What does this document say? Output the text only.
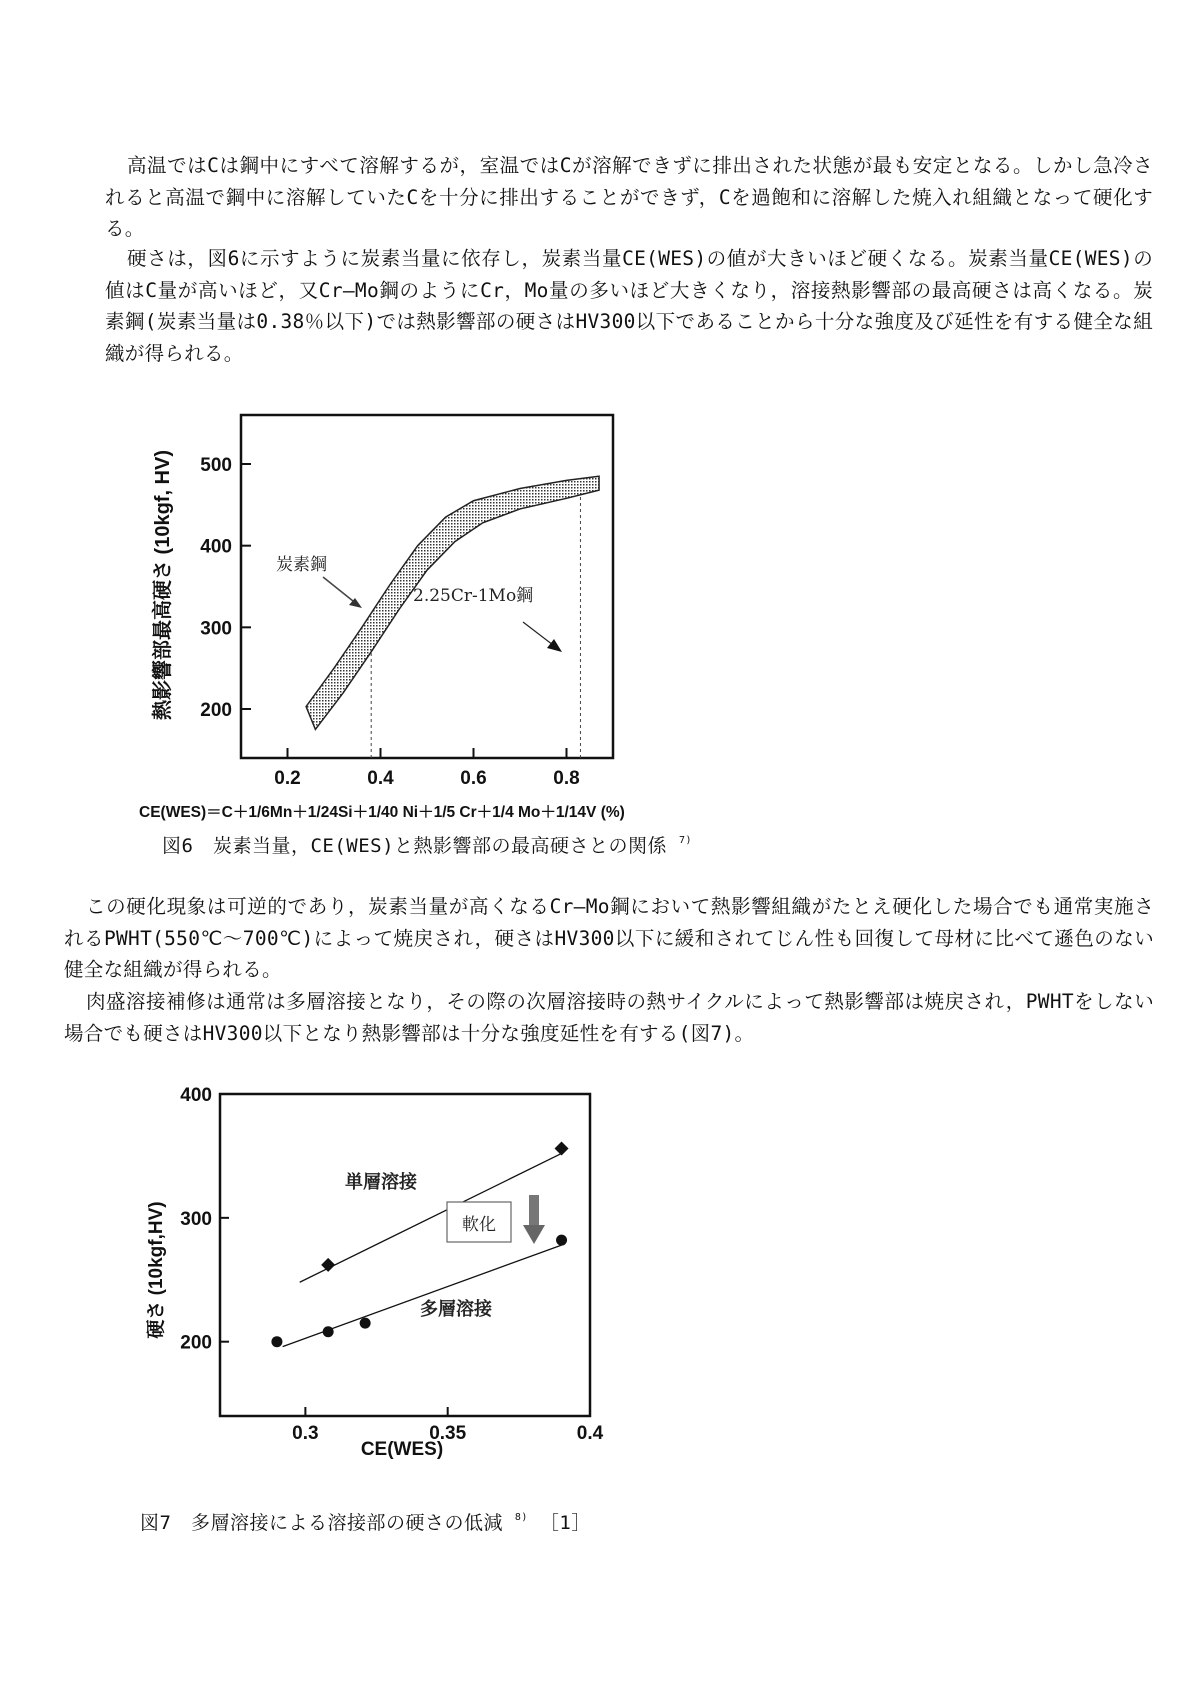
高温ではCは鋼中にすべて溶解するが，室温ではCが溶解できずに排出された状態が最も安定となる。しかし急冷されると高温で鋼中に溶解していたCを十分に排出することができず，Cを過飽和に溶解した焼入れ組織となって硬化する。

硬さは，図6に示すように炭素当量に依存し，炭素当量CE(WES)の値が大きいほど硬くなる。炭素当量CE(WES)の値はC量が高いほど，又Cr―Mo鋼のようにCr，Mo量の多いほど大きくなり，溶接熱影響部の最高硬さは高くなる。炭素鋼(炭素当量は0.38％以下)では熱影響部の硬さはHV300以下であることから十分な強度及び延性を有する健全な組織が得られる。

0.2	0.4	0.6	0.8
200
300
400
500
熱影響部最高硬さ (10kgf, HV)	炭素鋼
2.25Cr-1Mo鋼
CE(WES)＝C＋1/6Mn＋1/24Si＋1/40 Ni＋1/5 Cr＋1/4 Mo＋1/14V (%)
図6　炭素当量，CE(WES)と熱影響部の最高硬さとの関係 $^{7)}$

この硬化現象は可逆的であり，炭素当量が高くなるCr―Mo鋼において熱影響組織がたとえ硬化した場合でも通常実施されるPWHT(550℃～700℃)によって焼戻され，硬さはHV300以下に緩和されてじん性も回復して母材に比べて遜色のない健全な組織が得られる。

肉盛溶接補修は通常は多層溶接となり，その際の次層溶接時の熱サイクルによって熱影響部は焼戻され，PWHTをしない場合でも硬さはHV300以下となり熱影響部は十分な強度延性を有する(図7)。

0.3	0.35	0.4
200
300
400
硬さ (10kgf,HV)
CE(WES)
単層溶接
多層溶接
軟化
図7　多層溶接による溶接部の硬さの低減 $^{8)}$ ［1］
